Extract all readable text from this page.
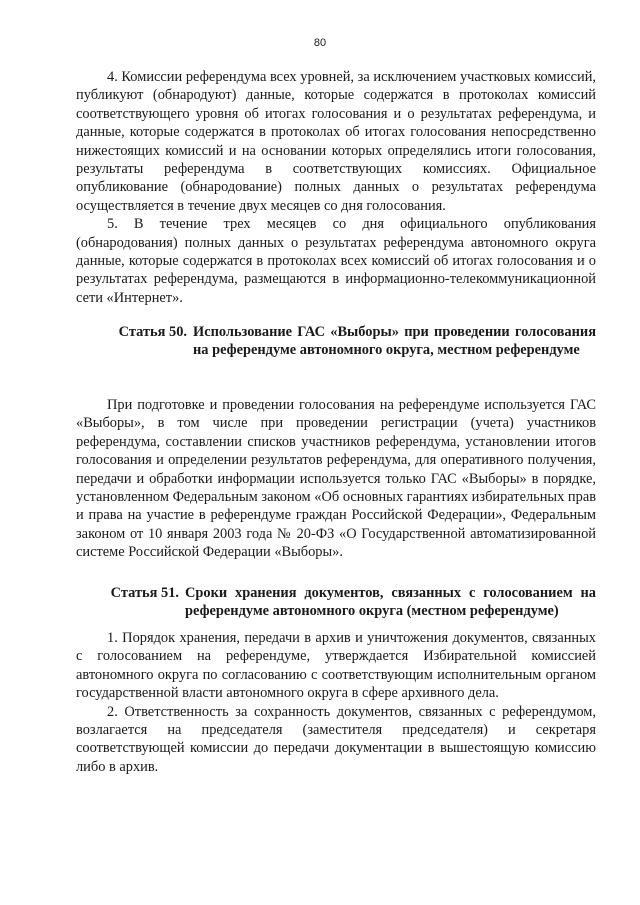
80

4. Комиссии референдума всех уровней, за исключением участковых комиссий, публикуют (обнародуют) данные, которые содержатся в протоколах комиссий соответствующего уровня об итогах голосования и о результатах референдума, и данные, которые содержатся в протоколах об итогах голосования непосредственно нижестоящих комиссий и на основании которых определялись итоги голосования, результаты референдума в соответствующих комиссиях. Официальное опубликование (обнародование) полных данных о результатах референдума осуществляется в течение двух месяцев со дня голосования.

5. В течение трех месяцев со дня официального опубликования (обнародования) полных данных о результатах референдума автономного округа данные, которые содержатся в протоколах всех комиссий об итогах голосования и о результатах референдума, размещаются в информационно-телекоммуникационной сети «Интернет».

Статья 50. Использование ГАС «Выборы» при проведении голосования на референдуме автономного округа, местном референдуме

При подготовке и проведении голосования на референдуме используется ГАС «Выборы», в том числе при проведении регистрации (учета) участников референдума, составлении списков участников референдума, установлении итогов голосования и определении результатов референдума, для оперативного получения, передачи и обработки информации используется только ГАС «Выборы» в порядке, установленном Федеральным законом «Об основных гарантиях избирательных прав и права на участие в референдуме граждан Российской Федерации», Федеральным законом от 10 января 2003 года № 20-ФЗ «О Государственной автоматизированной системе Российской Федерации «Выборы».

Статья 51. Сроки хранения документов, связанных с голосованием на референдуме автономного округа (местном референдуме)

1. Порядок хранения, передачи в архив и уничтожения документов, связанных с голосованием на референдуме, утверждается Избирательной комиссией автономного округа по согласованию с соответствующим исполнительным органом государственной власти автономного округа в сфере архивного дела.

2. Ответственность за сохранность документов, связанных с референдумом, возлагается на председателя (заместителя председателя) и секретаря соответствующей комиссии до передачи документации в вышестоящую комиссию либо в архив.
